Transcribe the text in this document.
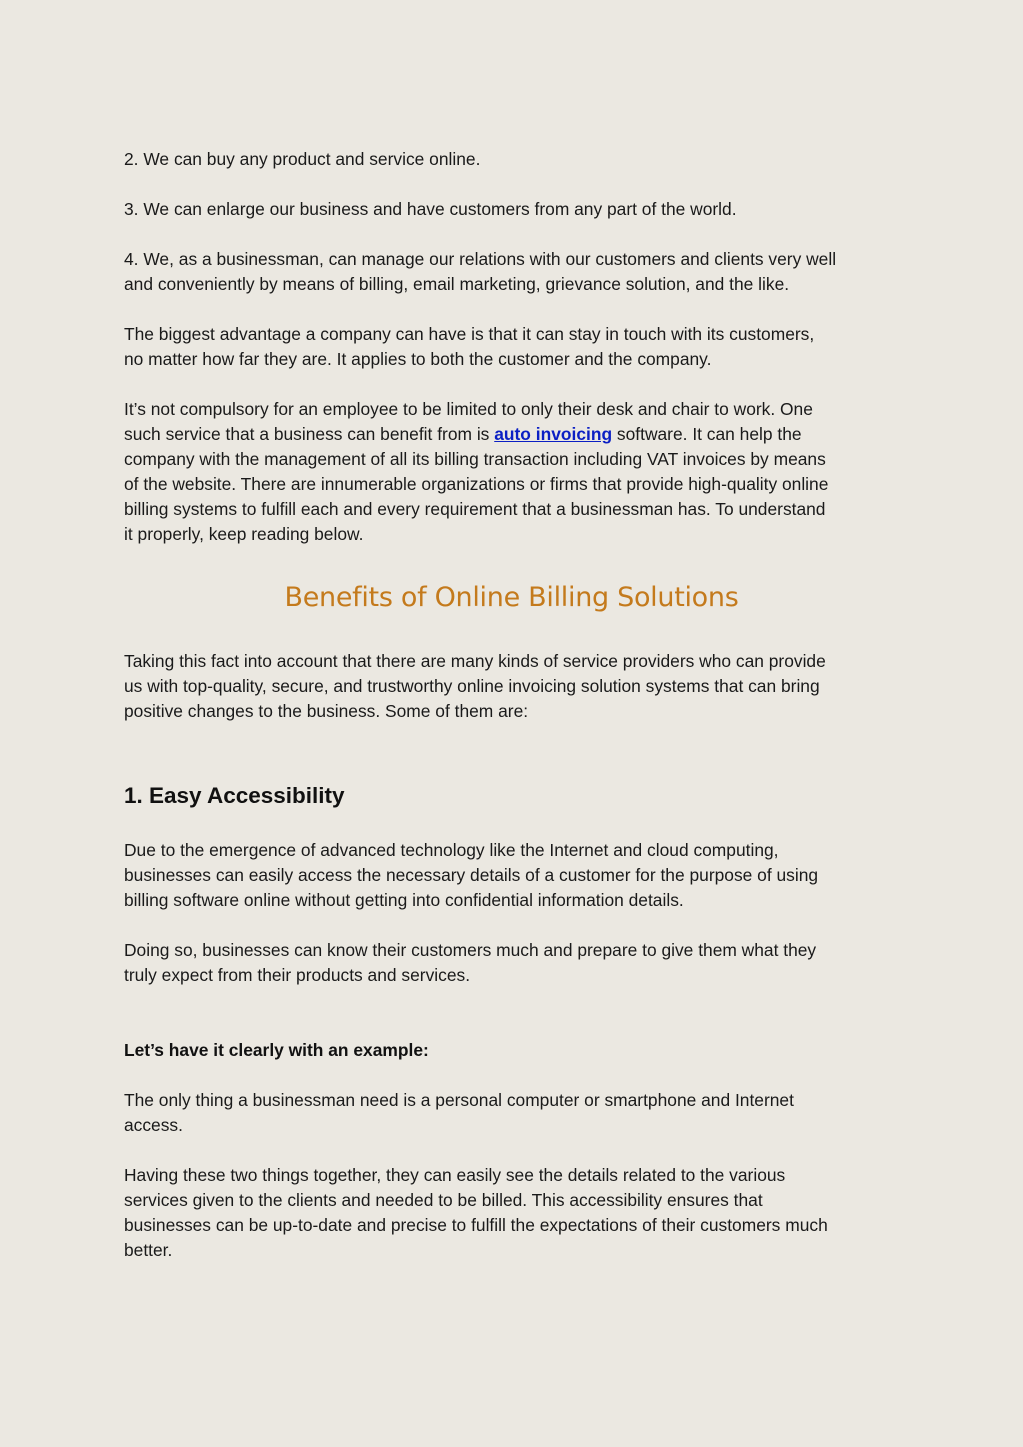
2. We can buy any product and service online.

3. We can enlarge our business and have customers from any part of the world.

4. We, as a businessman, can manage our relations with our customers and clients very well
and conveniently by means of billing, email marketing, grievance solution, and the like.
The biggest advantage a company can have is that it can stay in touch with its customers,
no matter how far they are. It applies to both the customer and the company.
It’s not compulsory for an employee to be limited to only their desk and chair to work. One
such service that a business can benefit from is auto invoicing software. It can help the
company with the management of all its billing transaction including VAT invoices by means
of the website. There are innumerable organizations or firms that provide high-quality online
billing systems to fulfill each and every requirement that a businessman has. To understand
it properly, keep reading below.
Benefits of Online Billing Solutions
Taking this fact into account that there are many kinds of service providers who can provide
us with top-quality, secure, and trustworthy online invoicing solution systems that can bring
positive changes to the business. Some of them are:
1. Easy Accessibility
Due to the emergence of advanced technology like the Internet and cloud computing,
businesses can easily access the necessary details of a customer for the purpose of using
billing software online without getting into confidential information details.
Doing so, businesses can know their customers much and prepare to give them what they
truly expect from their products and services.

Let’s have it clearly with an example:

The only thing a businessman need is a personal computer or smartphone and Internet
access.
Having these two things together, they can easily see the details related to the various
services given to the clients and needed to be billed. This accessibility ensures that
businesses can be up-to-date and precise to fulfill the expectations of their customers much
better.
